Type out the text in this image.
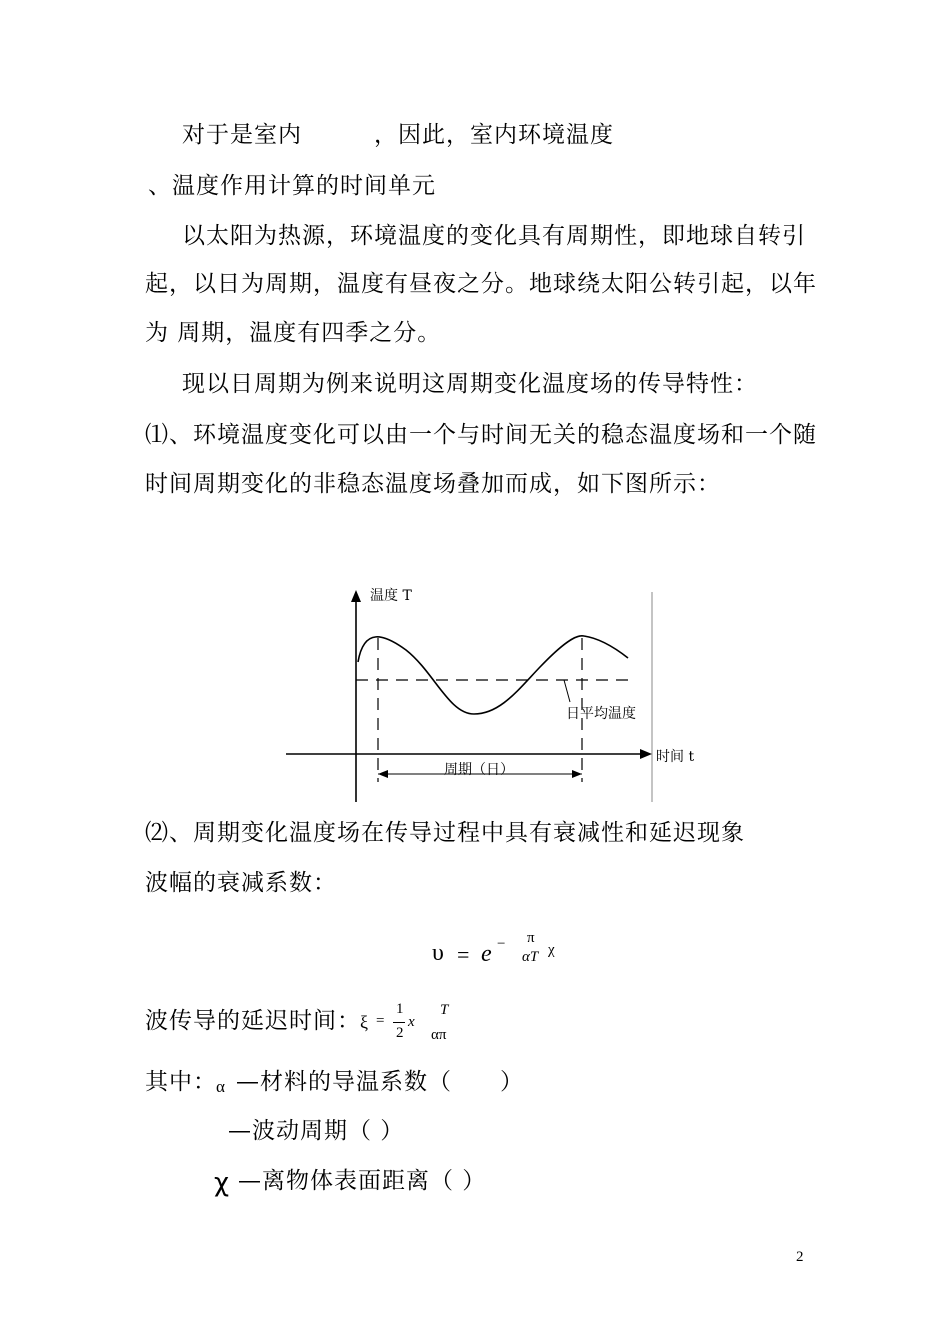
对于是室内　　　，因此，室内环境温度
、温度作用计算的时间单元
以太阳为热源，环境温度的变化具有周期性，即地球自转引
起，以日为周期，温度有昼夜之分。地球绕太阳公转引起，以年
为 周期，温度有四季之分。
现以日周期为例来说明这周期变化温度场的传导特性：
⑴、环境温度变化可以由一个与时间无关的稳态温度场和一个随
时间周期变化的非稳态温度场叠加而成，如下图所示：
温度 T
时间 t
日平均温度
周期（日）
⑵、周期变化温度场在传导过程中具有衰减性和延迟现象
波幅的衰减系数：
υ = e − π
αT χ
波传导的延迟时间： ξ =
1
2
x
T
απ
其中： α —材料的导温系数（　　）
—波动周期（ ）
χ —离物体表面距离（ ）
2
